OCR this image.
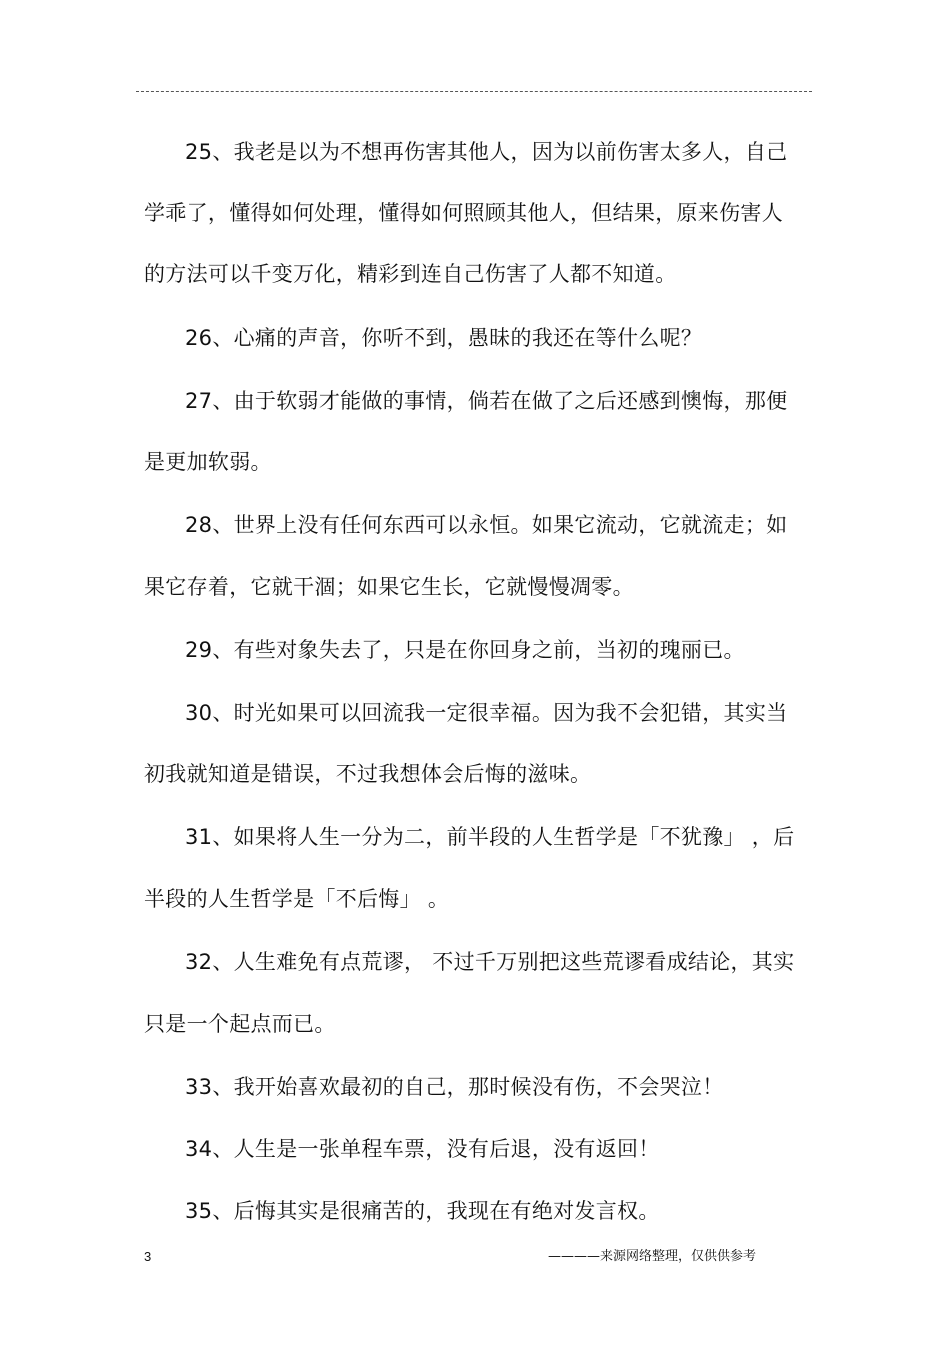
25、我老是以为不想再伤害其他人，因为以前伤害太多人，自己
学乖了，懂得如何处理，懂得如何照顾其他人，但结果，原来伤害人
的方法可以千变万化，精彩到连自己伤害了人都不知道。
26、心痛的声音，你听不到，愚昧的我还在等什么呢？
27、由于软弱才能做的事情，倘若在做了之后还感到懊悔，那便
是更加软弱。
28、世界上没有任何东西可以永恒。如果它流动，它就流走；如
果它存着，它就干涸；如果它生长，它就慢慢凋零。
29、有些对象失去了，只是在你回身之前，当初的瑰丽已。
30、时光如果可以回流我一定很幸福。因为我不会犯错，其实当
初我就知道是错误，不过我想体会后悔的滋味。
31、如果将人生一分为二，前半段的人生哲学是「不犹豫」 ，后
半段的人生哲学是「不后悔」 。
32、人生难免有点荒谬， 不过千万别把这些荒谬看成结论，其实
只是一个起点而已。
33、我开始喜欢最初的自己，那时候没有伤，不会哭泣！
34、人生是一张单程车票，没有后退，没有返回！
35、后悔其实是很痛苦的，我现在有绝对发言权。
3	————来源网络整理，仅供供参考
